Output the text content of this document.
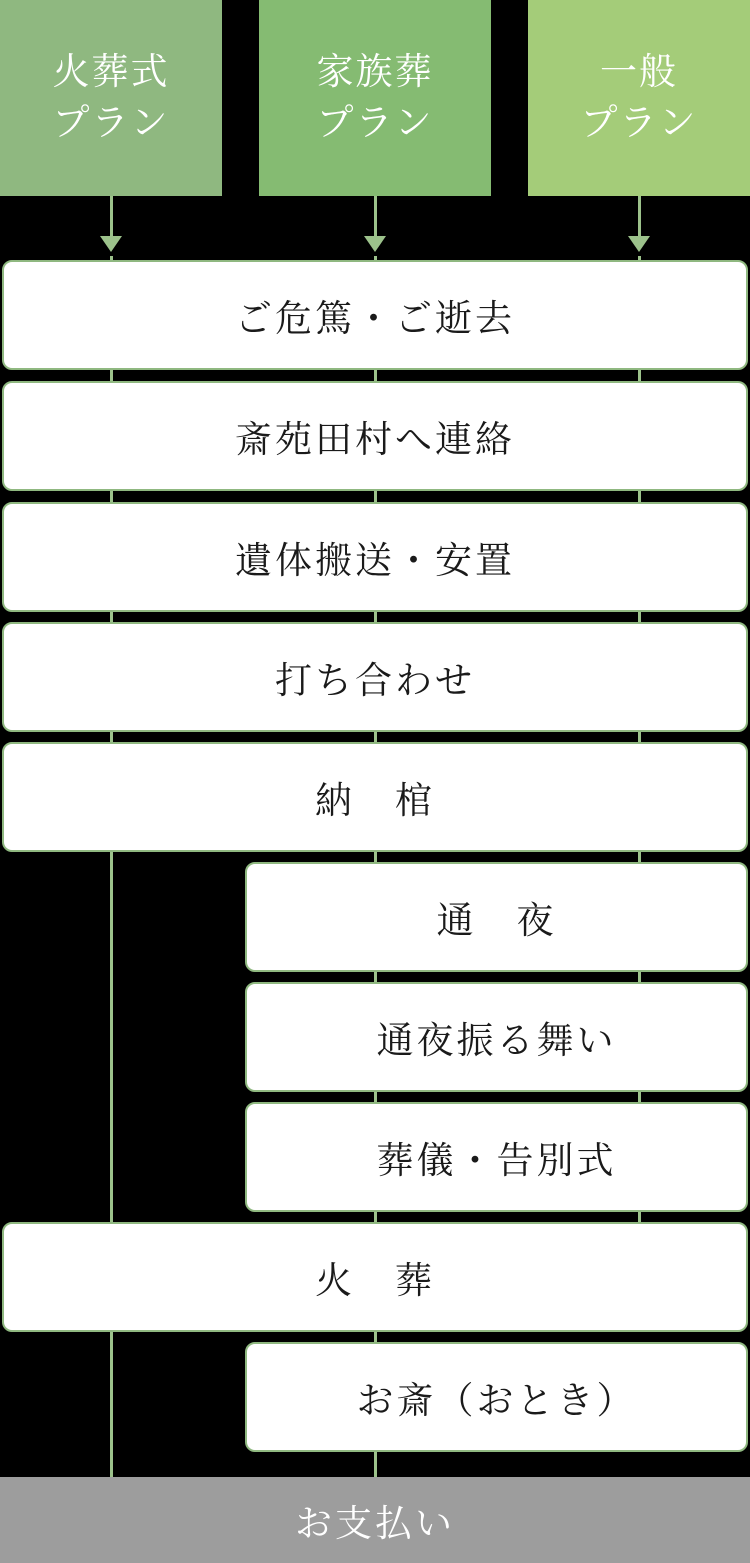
火葬式
プラン
家族葬
プラン
一般
プラン
ご危篤・ご逝去
斎苑田村へ連絡
遺体搬送・安置
打ち合わせ
納　棺
通　夜
通夜振る舞い
葬儀・告別式
火　葬
お斎（おとき）
お支払い
